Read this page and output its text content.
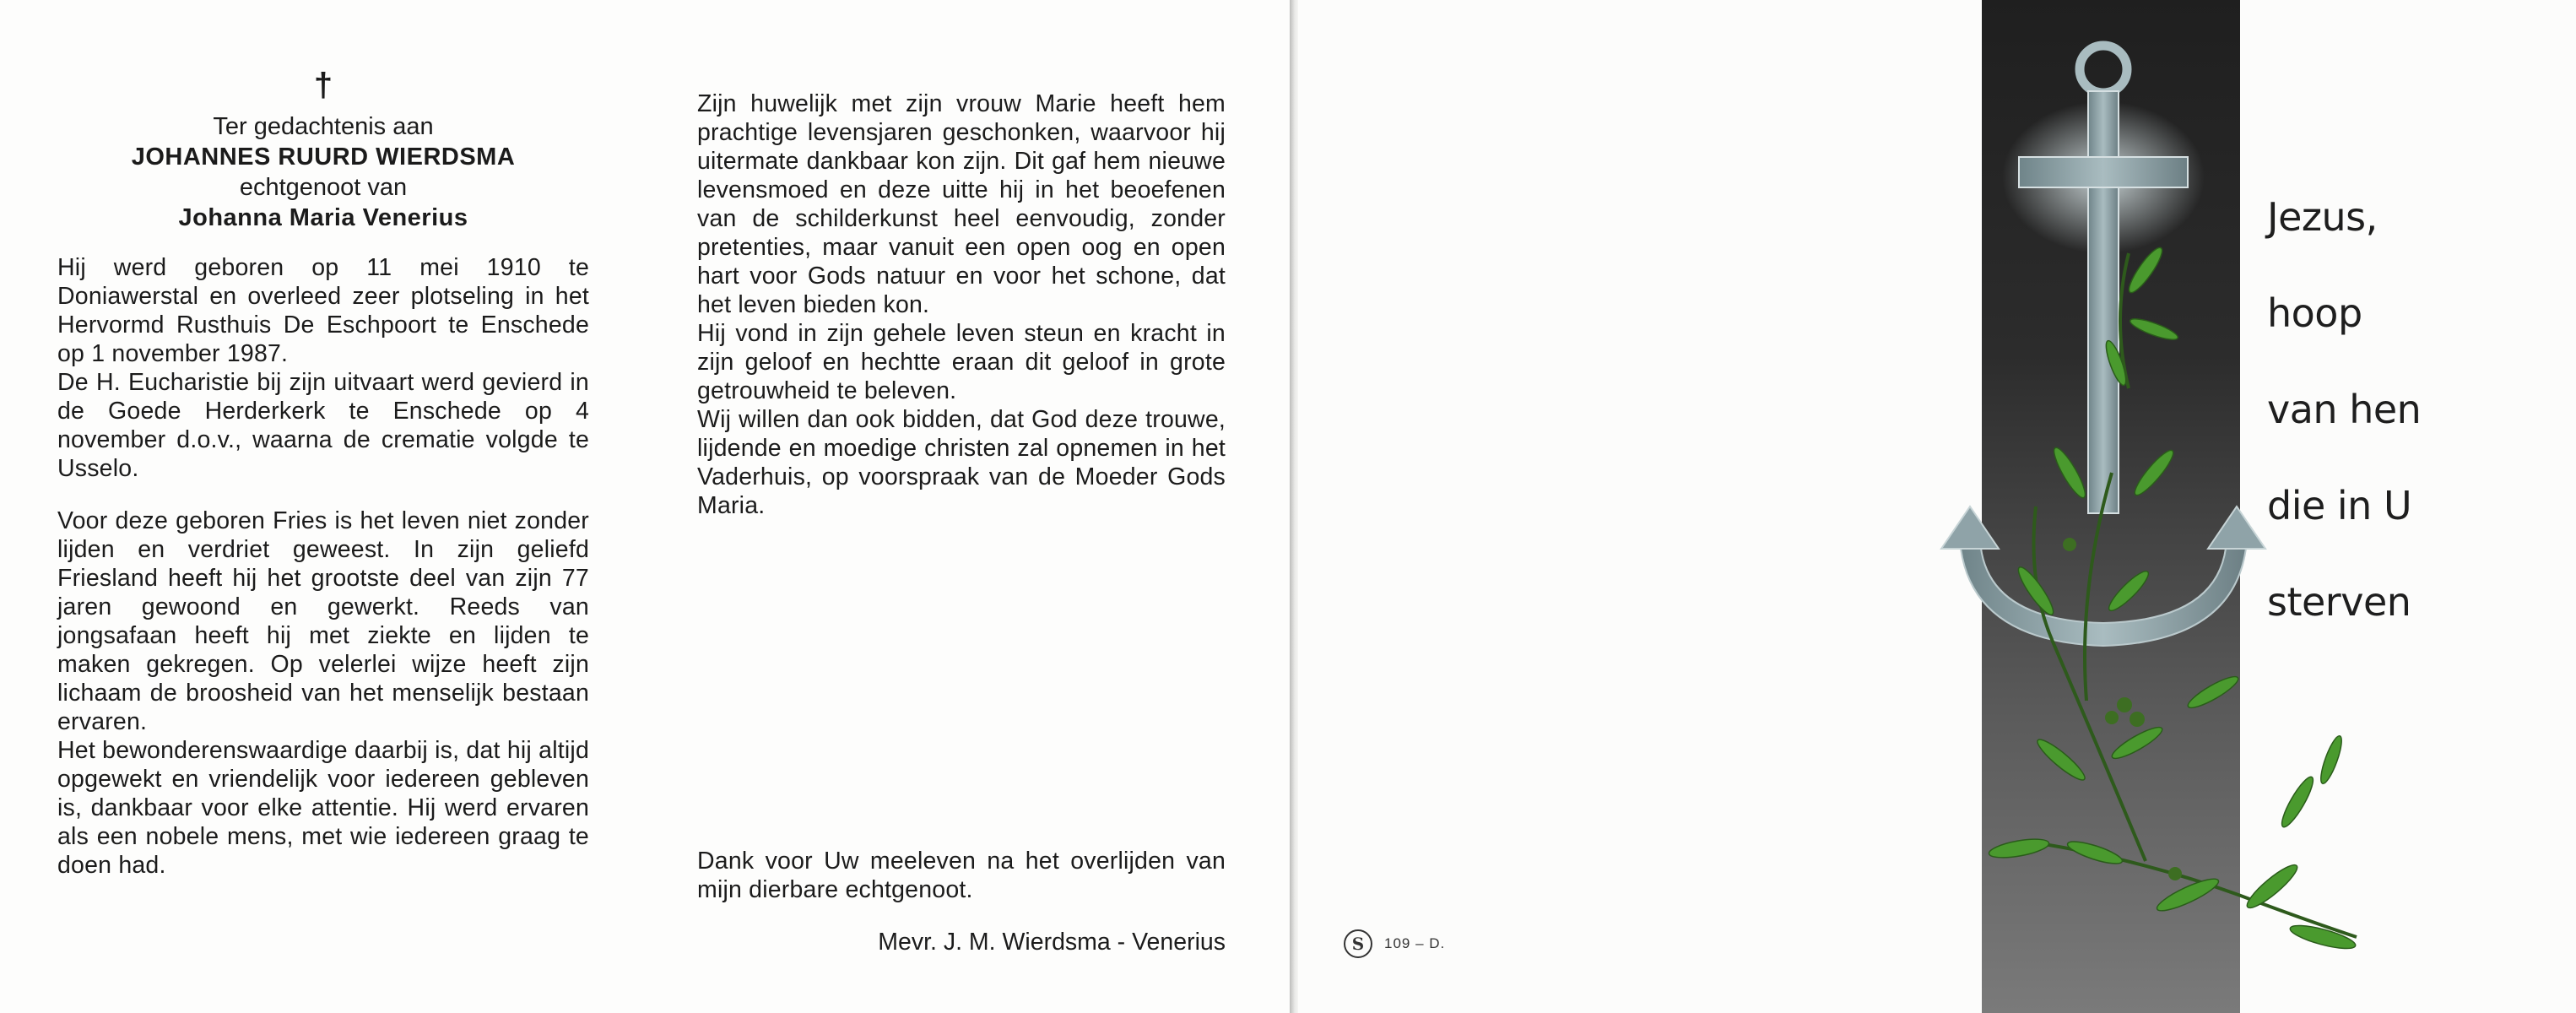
†
Ter gedachtenis aan
JOHANNES RUURD WIERDSMA
echtgenoot van
Johanna Maria Venerius

Hij werd geboren op 11 mei 1910 te Doniawerstal en overleed zeer plotseling in het Hervormd Rusthuis De Eschpoort te Enschede op 1 november 1987.

De H. Eucharistie bij zijn uitvaart werd gevierd in de Goede Herderkerk te Enschede op 4 november d.o.v., waarna de crematie volgde te Usselo.

Voor deze geboren Fries is het leven niet zonder lijden en verdriet geweest. In zijn geliefd Friesland heeft hij het grootste deel van zijn 77 jaren gewoond en gewerkt. Reeds van jongsafaan heeft hij met ziekte en lijden te maken gekregen. Op velerlei wijze heeft zijn lichaam de broosheid van het menselijk bestaan ervaren.

Het bewonderenswaardige daarbij is, dat hij altijd opgewekt en vriendelijk voor iedereen gebleven is, dankbaar voor elke attentie. Hij werd ervaren als een nobele mens, met wie iedereen graag te doen had.

Zijn huwelijk met zijn vrouw Marie heeft hem prachtige levensjaren geschonken, waarvoor hij uitermate dankbaar kon zijn. Dit gaf hem nieuwe levensmoed en deze uitte hij in het beoefenen van de schilderkunst heel eenvoudig, zonder pretenties, maar vanuit een open oog en open hart voor Gods natuur en voor het schone, dat het leven bieden kon.

Hij vond in zijn gehele leven steun en kracht in zijn geloof en hechtte eraan dit geloof in grote getrouwheid te beleven.

Wij willen dan ook bidden, dat God deze trouwe, lijdende en moedige christen zal opnemen in het Vaderhuis, op voorspraak van de Moeder Gods Maria.

Dank voor Uw meeleven na het overlijden van mijn dierbare echtgenoot.
Mevr. J. M. Wierdsma - Venerius	S	109 – D.
Jezus,
hoop
van hen
die in U
sterven
